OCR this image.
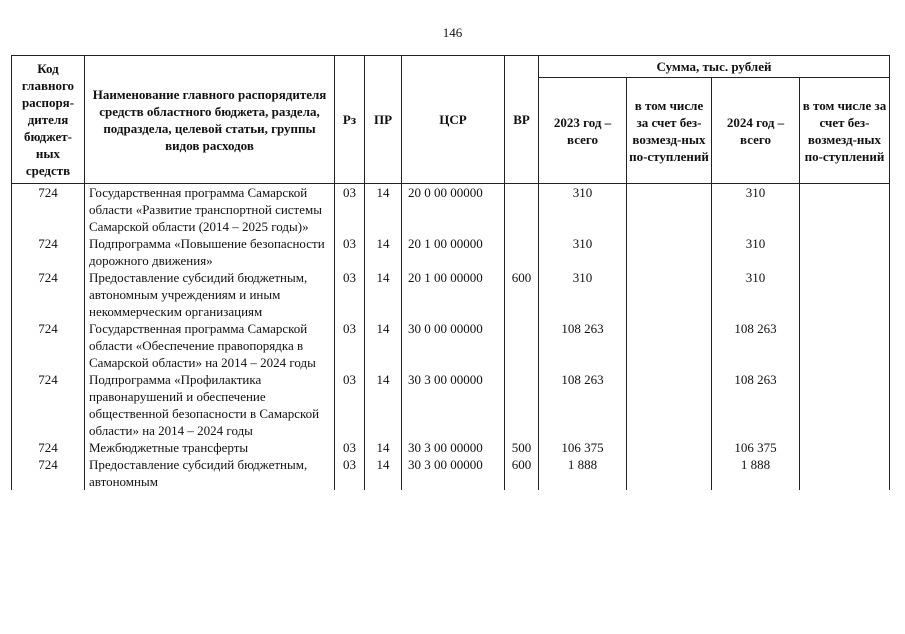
146
Код главного распоря-дителя бюджет-ных средств	Наименование главного распорядителя средств областного бюджета, раздела, подраздела, целевой статьи, группы видов расходов	Рз	ПР	ЦСР	ВР	Сумма, тыс. рублей			
						2023 год – всего	в том числе за счет без-возмезд-ных по-ступлений	2024 год – всего	в том числе за счет без-возмезд-ных по-ступлений
724	Государственная программа Самарской области «Развитие транспортной системы Самарской области (2014 – 2025 годы)»	03	14	20 0 00 00000		310		310	
724	Подпрограмма «Повышение безопасности дорожного движения»	03	14	20 1 00 00000		310		310	
724	Предоставление субсидий бюджетным, автономным учреждениям и иным некоммерческим организациям	03	14	20 1 00 00000	600	310		310	
724	Государственная программа Самарской области «Обеспечение правопорядка в Самарской области» на 2014 – 2024 годы	03	14	30 0 00 00000		108 263		108 263	
724	Подпрограмма «Профилактика правонарушений и обеспечение общественной безопасности в Самарской области» на 2014 – 2024 годы	03	14	30 3 00 00000		108 263		108 263	
724	Межбюджетные трансферты	03	14	30 3 00 00000	500	106 375		106 375	
724	Предоставление субсидий бюджетным, автономным	03	14	30 3 00 00000	600	1 888		1 888	
